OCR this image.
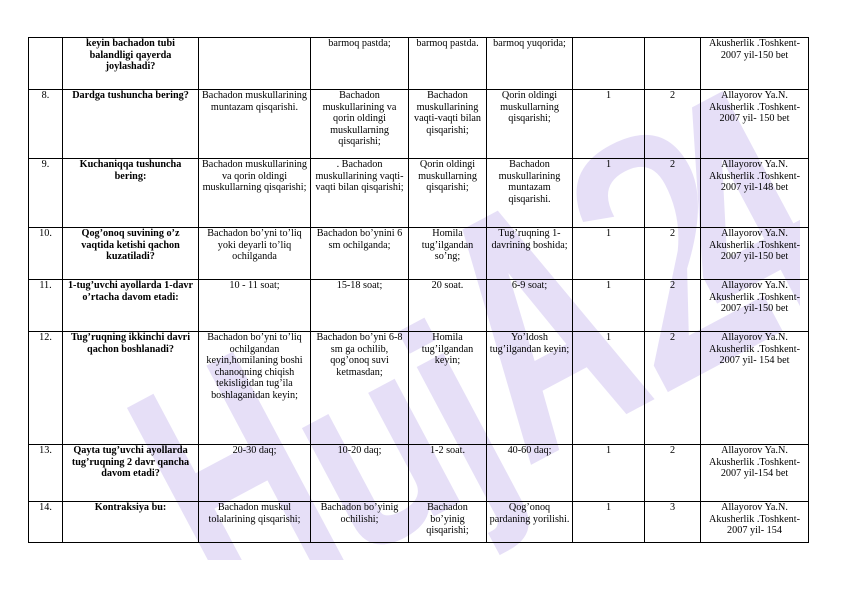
	keyin bachadon tubi balandligi qayerda joylashadi?		barmoq pastda;	barmoq pastda.	barmoq yuqorida;			Akusherlik .Toshkent-2007 yil-150 bet
8.	Dardga tushuncha bering?	Bachadon muskullarining muntazam qisqarishi.	Bachadon muskullarining va qorin oldingi muskullarning qisqarishi;	Bachadon muskullarining vaqti-vaqti bilan qisqarishi;	Qorin oldingi muskullarning qisqarishi;	1	2	Allayorov Ya.N. Akusherlik .Toshkent-2007 yil- 150 bet
9.	Kuchaniqqa tushuncha bering:	Bachadon muskullarining va qorin oldingi muskullarning qisqarishi;	. Bachadon muskullarining vaqti-vaqti bilan qisqarishi;	Qorin oldingi muskullarning qisqarishi;	Bachadon muskullarining muntazam qisqarishi.	1	2	Allayorov Ya.N. Akusherlik .Toshkent-2007 yil-148 bet
10.	Qog’onoq suvining o’z vaqtida ketishi qachon kuzatiladi?	Bachadon bo’yni to’liq yoki deyarli to’liq ochilganda	Bachadon bo’ynini 6 sm ochilganda;	Homila tug’ilgandan so’ng;	Tug’ruqning 1- davrining boshida;	1	2	Allayorov Ya.N. Akusherlik .Toshkent-2007 yil-150 bet
11.	1-tug’uvchi ayollarda 1-davr o’rtacha davom etadi:	10 - 11 soat;	15-18 soat;	20 soat.	6-9 soat;	1	2	Allayorov Ya.N. Akusherlik .Toshkent-2007 yil-150 bet
12.	Tug’ruqning ikkinchi davri qachon boshlanadi?	Bachadon bo’yni to’liq ochilgandan keyin,homilaning boshi chanoqning chiqish tekisligidan tug’ila boshlaganidan keyin;	Bachadon bo’yni 6-8 sm ga ochilib, qog’onoq suvi ketmasdan;	Homila tug’ilgandan keyin;	Yo’ldosh tug’ilgandan keyin;	1	2	Allayorov Ya.N. Akusherlik .Toshkent-2007 yil- 154 bet
13.	Qayta tug’uvchi ayollarda tug’ruqning 2 davr qancha davom etadi?	20-30 daq;	10-20 daq;	1-2 soat.	40-60 daq;	1	2	Allayorov Ya.N. Akusherlik .Toshkent-2007 yil-154 bet
14.	Kontraksiya bu:	Bachadon muskul tolalarining qisqarishi;	Bachadon bo’yinig ochilishi;	Bachadon bo’yinig qisqarishi;	Qog’onoq pardaning yorilishi.	1	3	Allayorov Ya.N. Akusherlik .Toshkent-2007 yil- 154
